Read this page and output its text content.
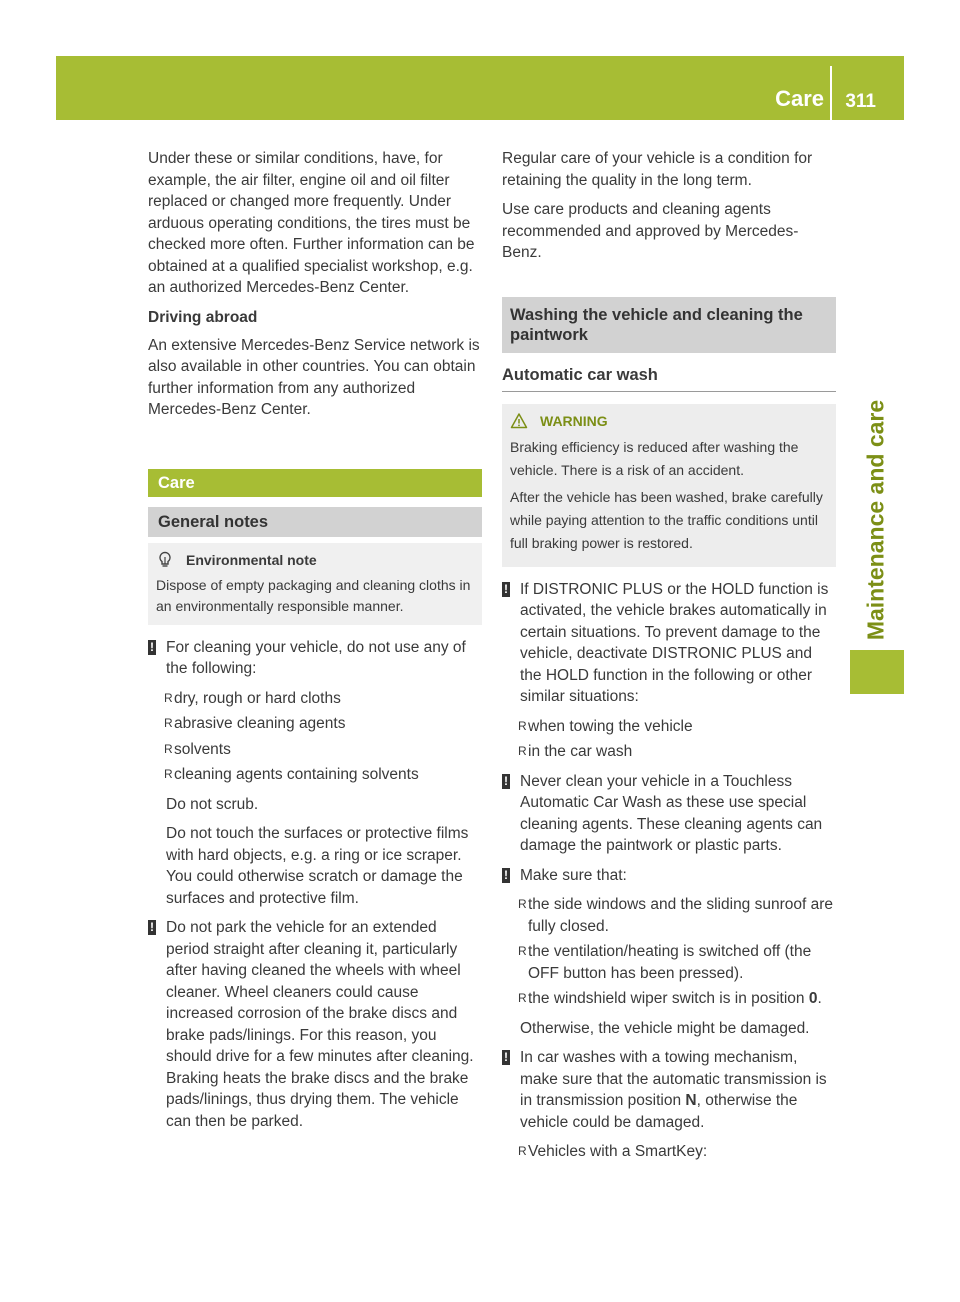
Care 311
Maintenance and care

Under these or similar conditions, have, for example, the air filter, engine oil and oil filter replaced or changed more frequently. Under arduous operating conditions, the tires must be checked more often. Further information can be obtained at a qualified specialist workshop, e.g. an authorized Mercedes-Benz Center.

Driving abroad

An extensive Mercedes-Benz Service network is also available in other countries. You can obtain further information from any authorized Mercedes-Benz Center.

Care
General notes
Environmental note

Dispose of empty packaging and cleaning cloths in an environmentally responsible manner.

! For cleaning your vehicle, do not use any of the following:

R dry, rough or hard cloths
R abrasive cleaning agents
R solvents
R cleaning agents containing solvents

Do not scrub.

Do not touch the surfaces or protective films with hard objects, e.g. a ring or ice scraper. You could otherwise scratch or damage the surfaces and protective film.

! Do not park the vehicle for an extended period straight after cleaning it, particularly after having cleaned the wheels with wheel cleaner. Wheel cleaners could cause increased corrosion of the brake discs and brake pads/linings. For this reason, you should drive for a few minutes after cleaning. Braking heats the brake discs and the brake pads/linings, thus drying them. The vehicle can then be parked.

Regular care of your vehicle is a condition for retaining the quality in the long term.

Use care products and cleaning agents recommended and approved by Mercedes-Benz.

Washing the vehicle and cleaning the paintwork
Automatic car wash
WARNING

Braking efficiency is reduced after washing the vehicle. There is a risk of an accident.

After the vehicle has been washed, brake carefully while paying attention to the traffic conditions until full braking power is restored.

! If DISTRONIC PLUS or the HOLD function is activated, the vehicle brakes automatically in certain situations. To prevent damage to the vehicle, deactivate DISTRONIC PLUS and the HOLD function in the following or other similar situations:

R when towing the vehicle
R in the car wash
! Never clean your vehicle in a Touchless Automatic Car Wash as these use special cleaning agents. These cleaning agents can damage the paintwork or plastic parts.

! Make sure that:

R the side windows and the sliding sunroof are fully closed.
R the ventilation/heating is switched off (the OFF button has been pressed).
R the windshield wiper switch is in position 0.

Otherwise, the vehicle might be damaged.

! In car washes with a towing mechanism, make sure that the automatic transmission is in transmission position N, otherwise the vehicle could be damaged.

R Vehicles with a SmartKey:
